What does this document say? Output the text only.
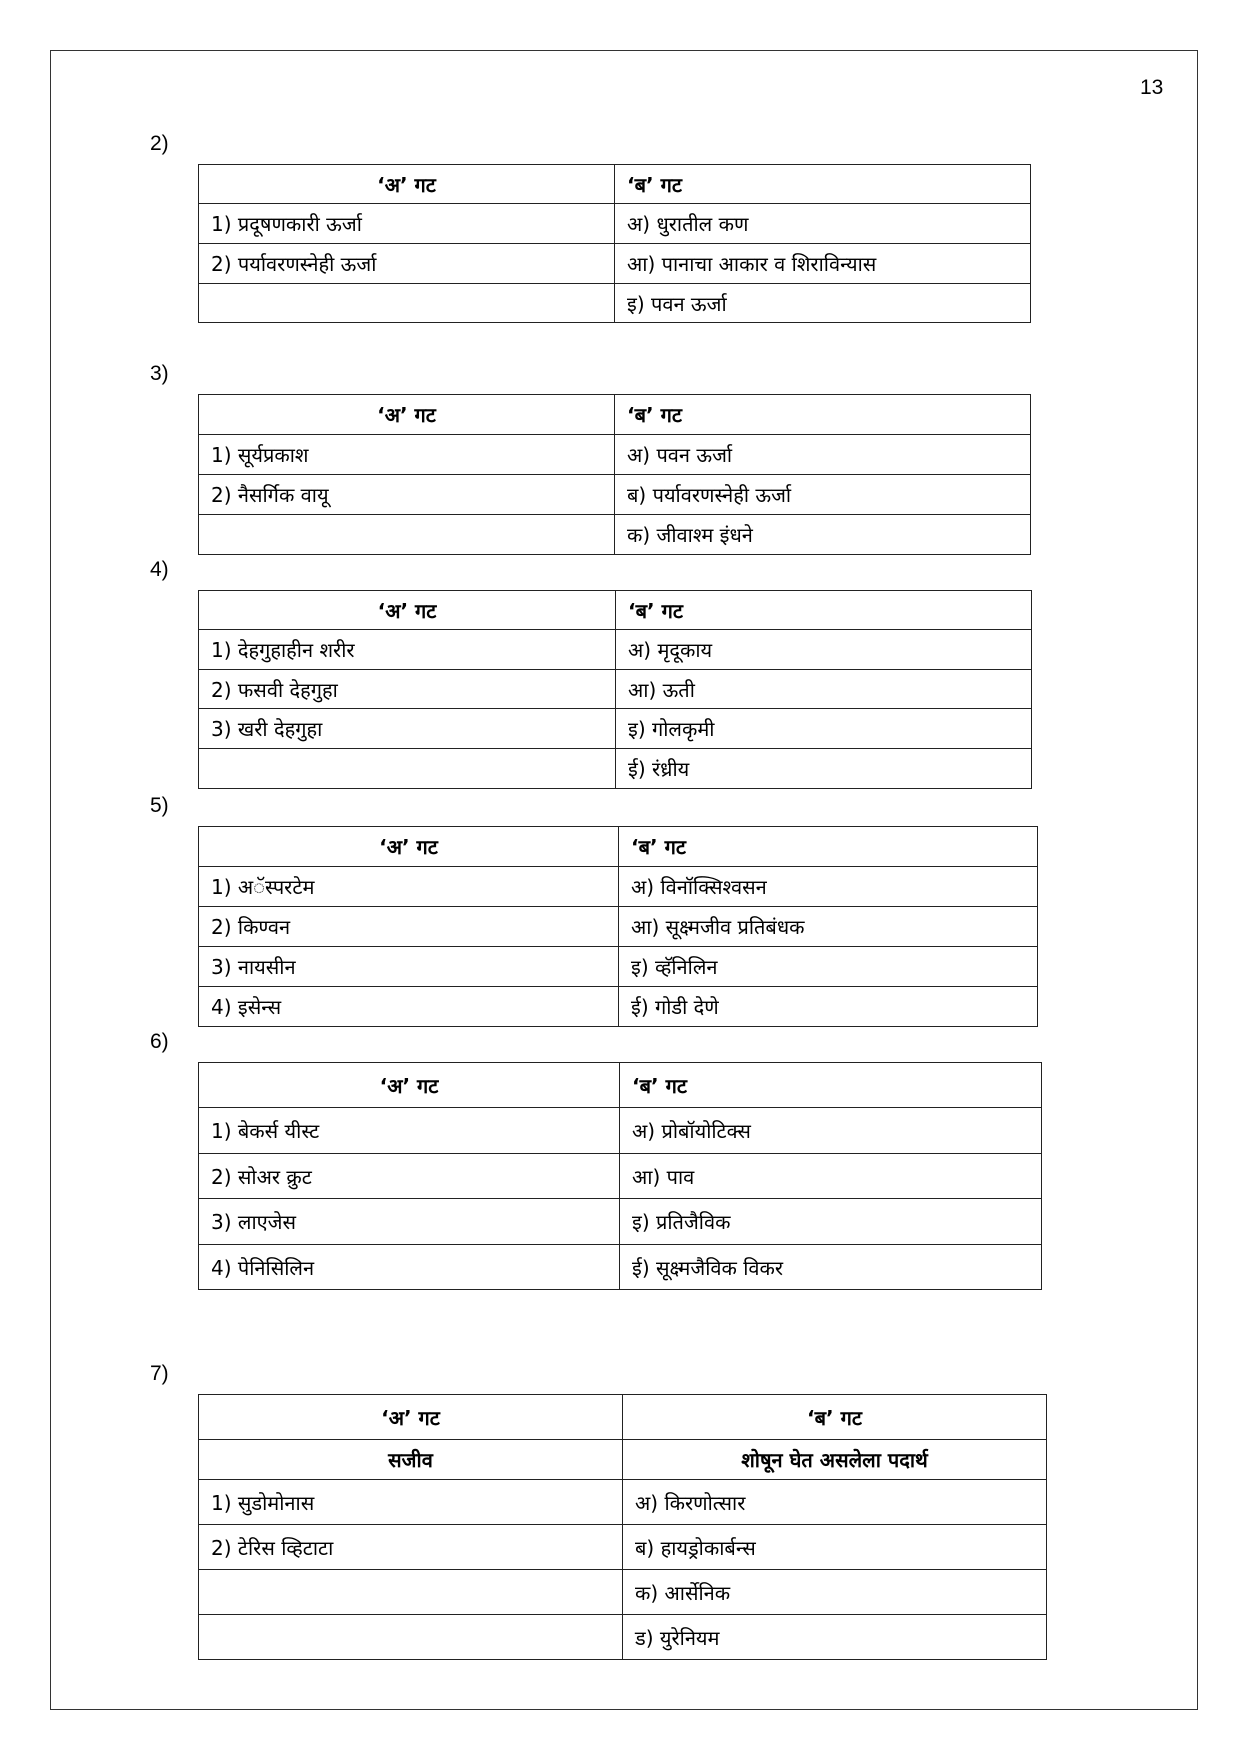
13
2)
‘अ’ गट	‘ब’ गट
1) प्रदूषणकारी ऊर्जा	अ) धुरातील कण
2) पर्यावरणस्नेही ऊर्जा	आ) पानाचा आकार व शिराविन्यास
	इ) पवन ऊर्जा
3)
‘अ’ गट	‘ब’ गट
1) सूर्यप्रकाश	अ) पवन ऊर्जा
2) नैसर्गिक वायू	ब) पर्यावरणस्नेही ऊर्जा
	क) जीवाश्म इंधने
4)
‘अ’ गट	‘ब’ गट
1) देहगुहाहीन शरीर	अ) मृदूकाय
2) फसवी देहगुहा	आ) ऊती
3) खरी देहगुहा	इ) गोलकृमी
	ई) रंध्रीय
5)
‘अ’ गट	‘ब’ गट
1) अॅस्परटेम	अ) विनॉक्सिश्वसन
2) किण्वन	आ) सूक्ष्मजीव प्रतिबंधक
3) नायसीन	इ) व्हॅनिलिन
4) इसेन्स	ई) गोडी देणे
6)
‘अ’ गट	‘ब’ गट
1) बेकर्स यीस्ट	अ) प्रोबॉयोटिक्स
2) सोअर क्रुट	आ) पाव
3) लाएजेस	इ) प्रतिजैविक
4) पेनिसिलिन	ई) सूक्ष्मजैविक विकर
7)
‘अ’ गट	‘ब’ गट
सजीव	शोषून घेत असलेला पदार्थ
1) सुडोमोनास	अ) किरणोत्सार
2) टेरिस व्हिटाटा	ब) हायड्रोकार्बन्स
	क) आर्सेनिक
	ड) युरेनियम
